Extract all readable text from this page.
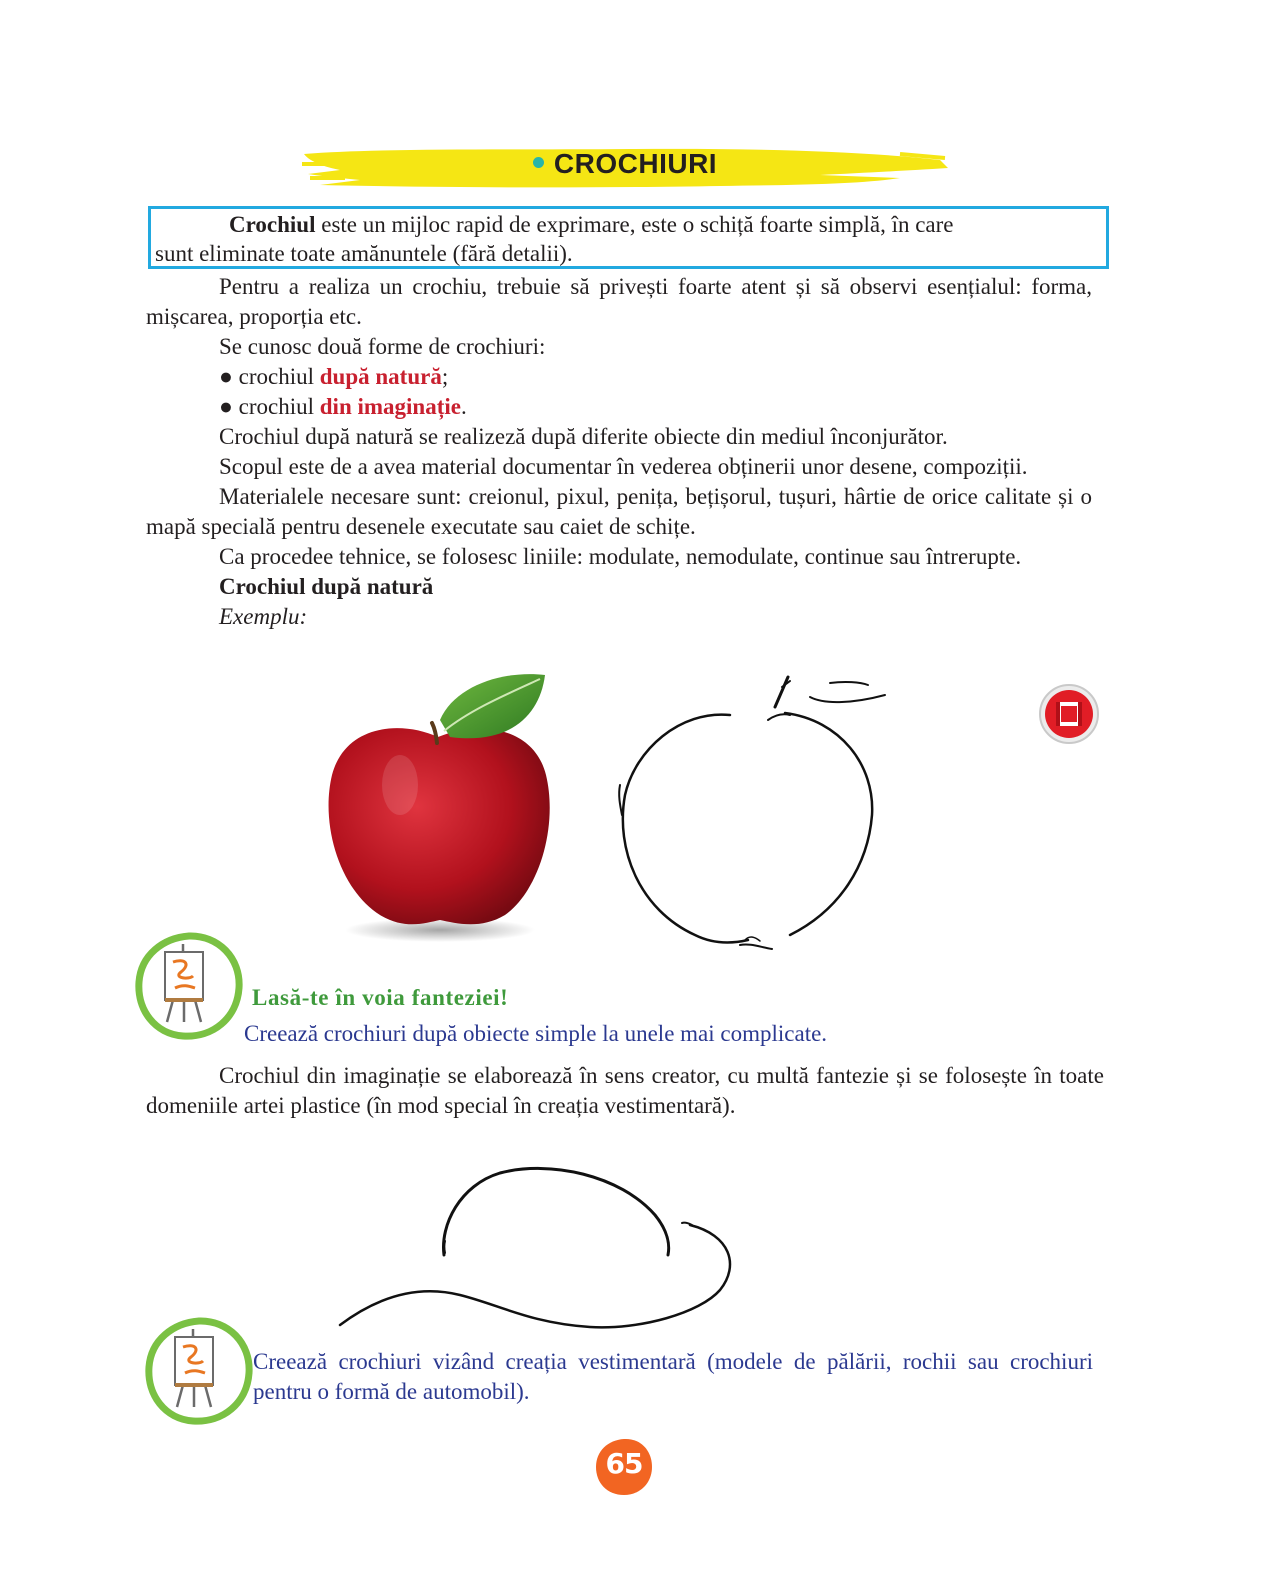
CROCHIURI

Crochiul este un mijloc rapid de exprimare, este o schiță foarte simplă, în care

sunt eliminate toate amănuntele (fără detalii).

Pentru a realiza un crochiu, trebuie să privești foarte atent și să observi esențialul: forma, mișcarea, proporția etc.

Se cunosc două forme de crochiuri:

● crochiul după natură;

● crochiul din imaginație.

Crochiul după natură se realizeză după diferite obiecte din mediul înconjurător.

Scopul este de a avea material documentar în vederea obținerii unor desene, compoziții.

Materialele necesare sunt: creionul, pixul, penița, bețișorul, tușuri, hârtie de orice calitate și o mapă specială pentru desenele executate sau caiet de schițe.

Ca procedee tehnice, se folosesc liniile: modulate, nemodulate, continue sau întrerupte.

Crochiul după natură

Exemplu:

Lasă-te în voia fanteziei!

Creează crochiuri după obiecte simple la unele mai complicate.

Crochiul din imaginație se elaborează în sens creator, cu multă fantezie și se folosește în toate domeniile artei plastice (în mod special în creația vestimentară).

Creează crochiuri vizând creația vestimentară (modele de pălării, rochii sau crochiuri pentru o formă de automobil).

65
